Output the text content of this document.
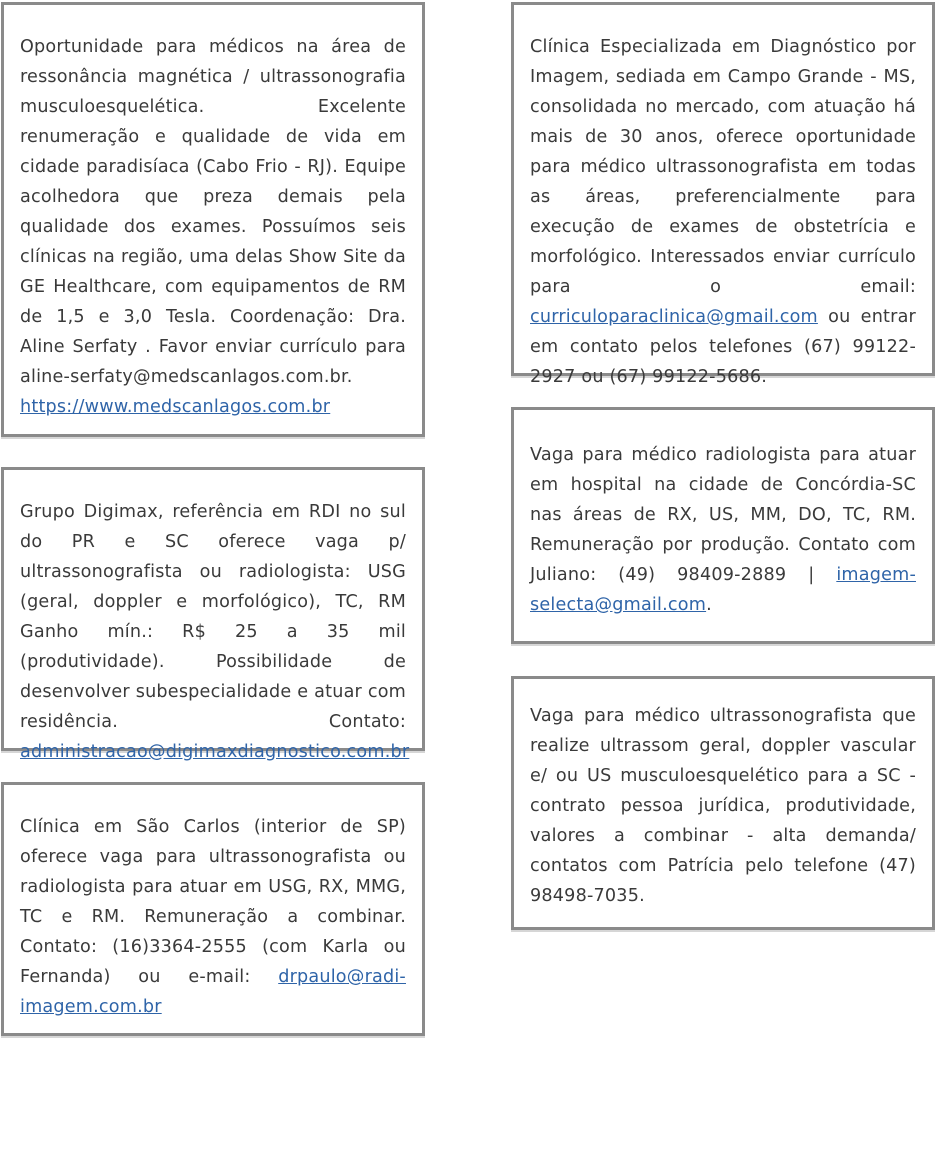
Oportunidade para médicos na área de ressonância magnética / ultrassonografia musculoesquelética. Excelente renumeração e qualidade de vida em cidade paradisíaca (Cabo Frio - RJ). Equipe acolhedora que preza demais pela qualidade dos exames. Possuímos seis clínicas na região, uma delas Show Site da GE Healthcare, com equipamentos de RM de 1,5 e 3,0 Tesla. Coordenação: Dra. Aline Serfaty . Favor enviar currículo para aline-serfaty@medscanlagos.com.br. https://www.medscanlagos.com.br

Grupo Digimax, referência em RDI no sul do PR e SC oferece vaga p/ ultrassonografista ou radiologista: USG (geral, doppler e morfológico), TC, RM Ganho mín.: R$ 25 a 35 mil (produtividade). Possibilidade de desenvolver subespecialidade e atuar com residência. Contato: administracao@digimaxdiagnostico.com.br

Clínica em São Carlos (interior de SP) oferece vaga para ultrassonografista ou radiologista para atuar em USG, RX, MMG, TC e RM. Remuneração a combinar. Contato: (16)3364-2555 (com Karla ou Fernanda) ou e-mail: drpaulo@radi-imagem.com.br

Clínica Especializada em Diagnóstico por Imagem, sediada em Campo Grande - MS, consolidada no mercado, com atuação há mais de 30 anos, oferece oportunidade para médico ultrassonografista em todas as áreas, preferencialmente para execução de exames de obstetrícia e morfológico. Interessados enviar currículo para o email: curriculoparaclinica@gmail.com ou entrar em contato pelos telefones (67) 99122-2927 ou (67) 99122-5686.

Vaga para médico radiologista para atuar em hospital na cidade de Concórdia-SC nas áreas de RX, US, MM, DO, TC, RM. Remuneração por produção. Contato com Juliano: (49) 98409-2889 | imagem-selecta@gmail.com.

Vaga para médico ultrassonografista que realize ultrassom geral, doppler vascular e/ ou US musculoesquelético para a SC - contrato pessoa jurídica, produtividade, valores a combinar - alta demanda/ contatos com Patrícia pelo telefone (47) 98498-7035.
